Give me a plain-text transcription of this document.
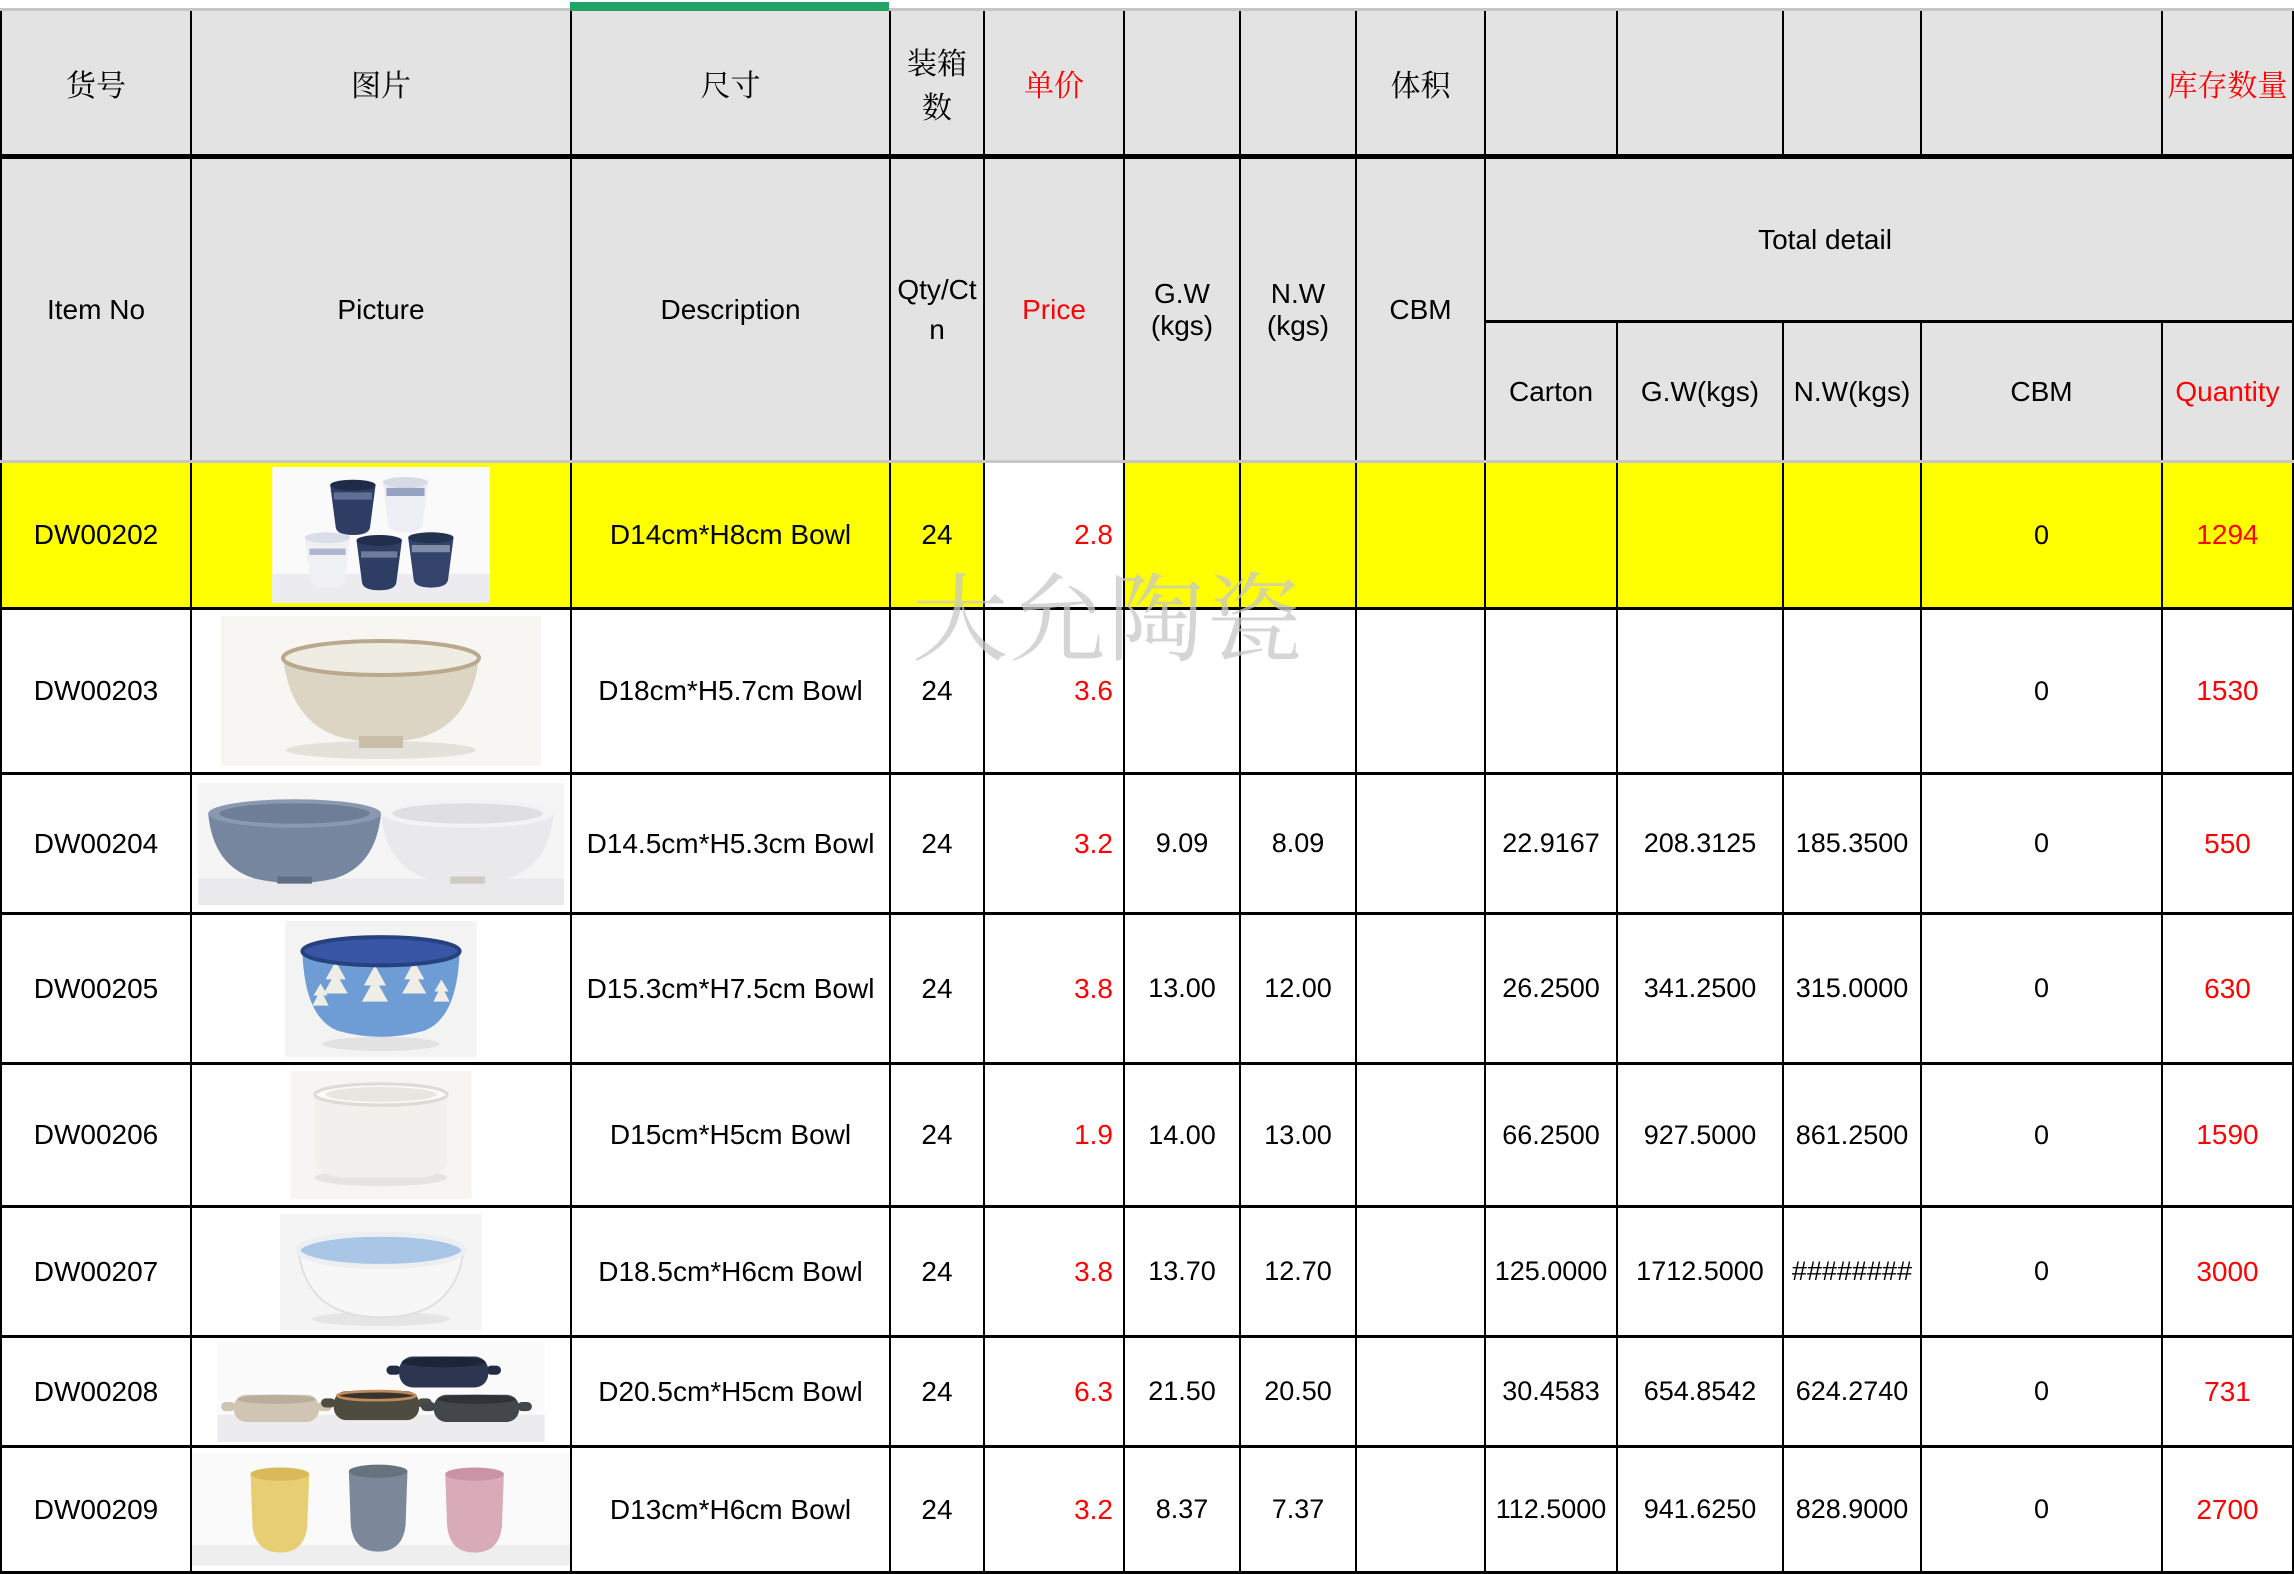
货号	图片	尺寸	装箱数	单价			体积					库存数量
Item No	Picture	Description	Qty/Ctn	Price	G.W (kgs)	N.W (kgs)	CBM	Total detail				
								Carton	G.W(kgs)	N.W(kgs)	CBM	Quantity
DW00202		D14cm*H8cm Bowl	24	2.8							0	1294
DW00203		D18cm*H5.7cm Bowl	24	3.6							0	1530
DW00204		D14.5cm*H5.3cm Bowl	24	3.2	9.09	8.09		22.9167	208.3125	185.3500	0	550
DW00205		D15.3cm*H7.5cm Bowl	24	3.8	13.00	12.00		26.2500	341.2500	315.0000	0	630
DW00206		D15cm*H5cm Bowl	24	1.9	14.00	13.00		66.2500	927.5000	861.2500	0	1590
DW00207		D18.5cm*H6cm Bowl	24	3.8	13.70	12.70		125.0000	1712.5000	########	0	3000
DW00208		D20.5cm*H5cm Bowl	24	6.3	21.50	20.50		30.4583	654.8542	624.2740	0	731
DW00209		D13cm*H6cm Bowl	24	3.2	8.37	7.37		112.5000	941.6250	828.9000	0	2700
大允陶瓷
